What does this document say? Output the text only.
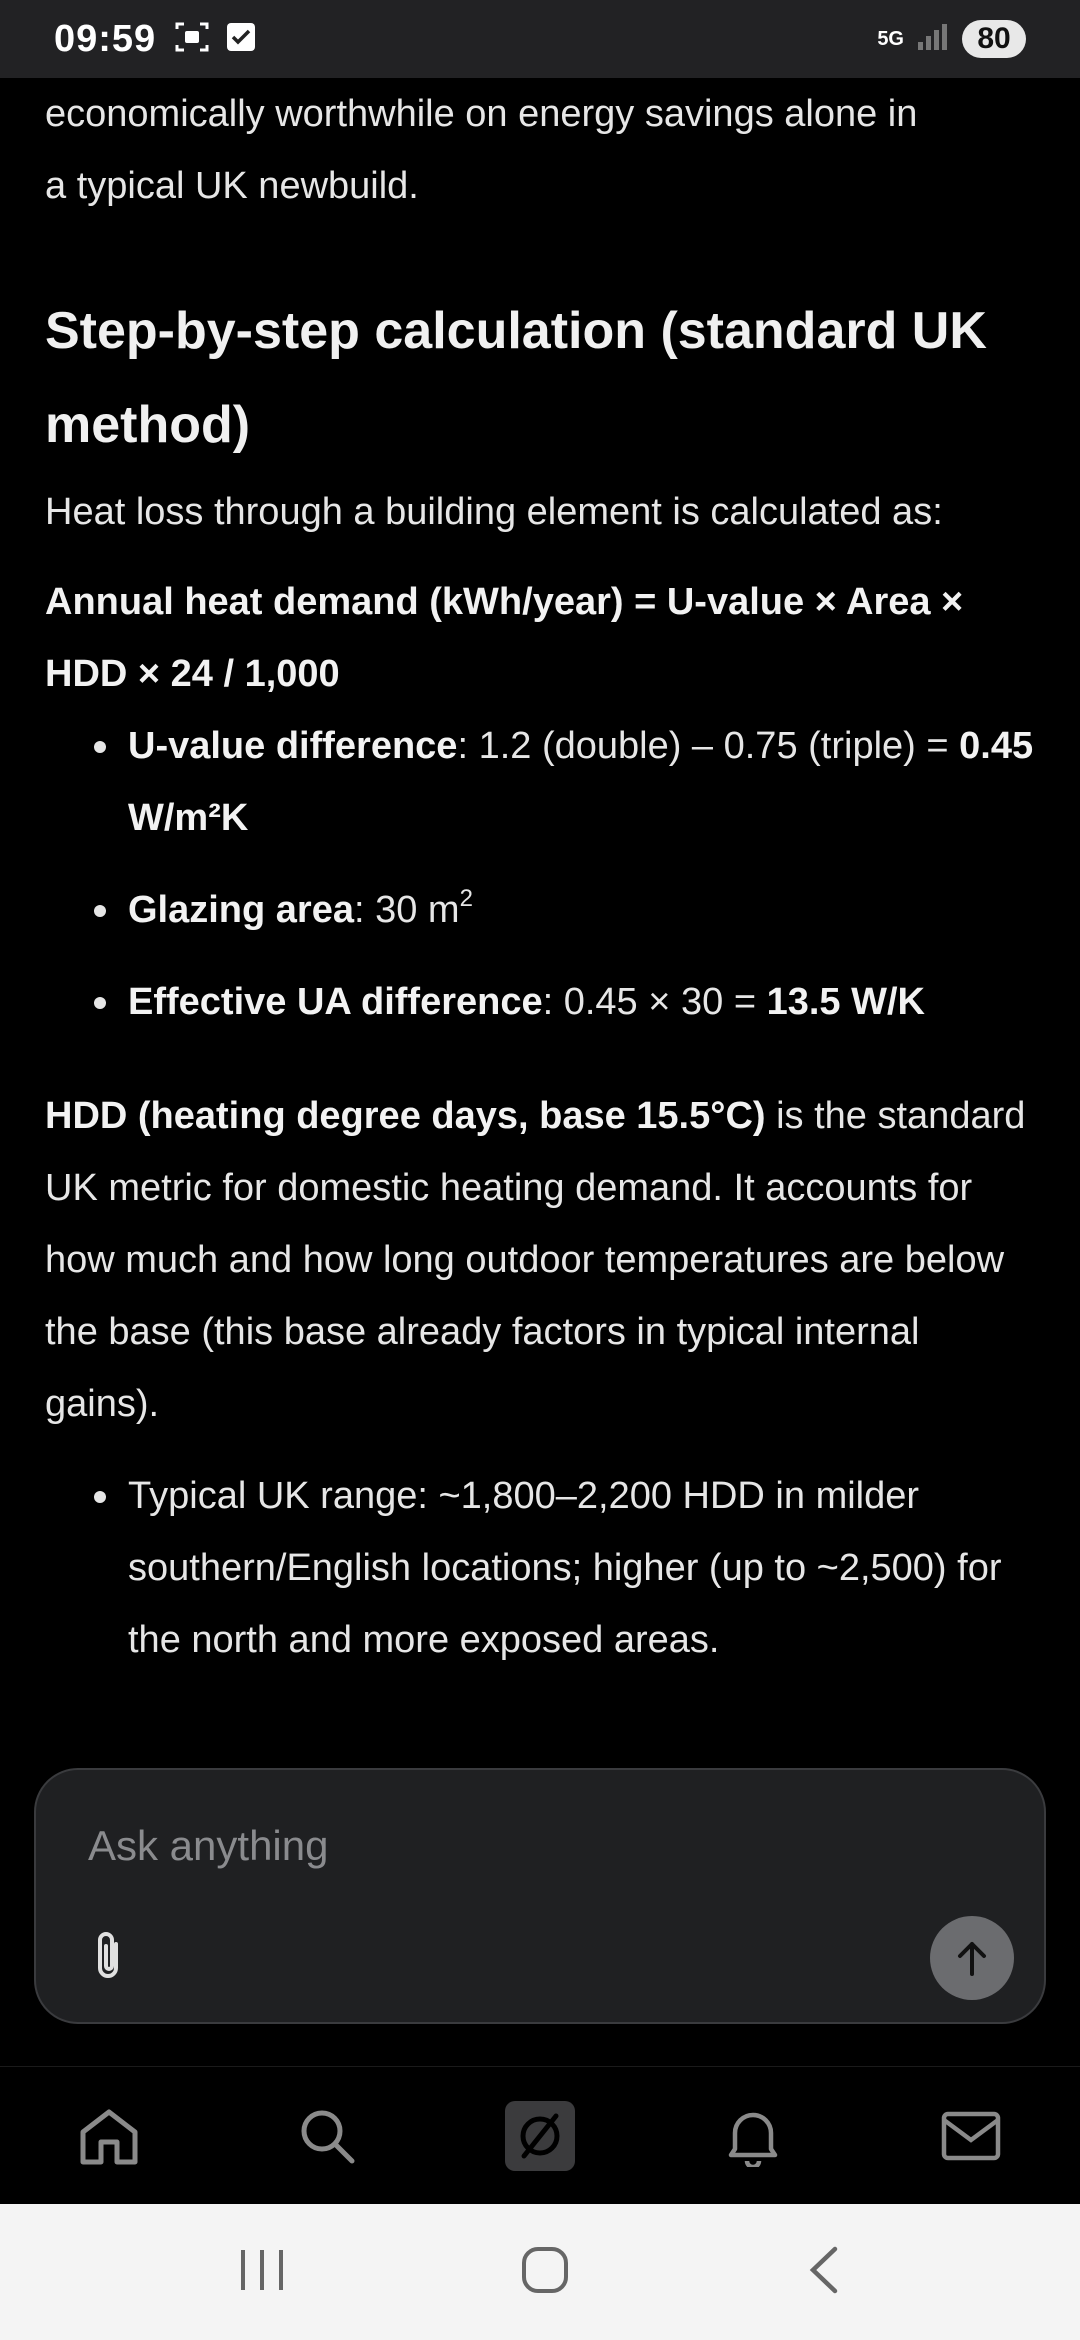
09:59	5G	80

economically worthwhile on energy savings alone in
a typical UK newbuild.

Step-by-step calculation (standard UK method)

Heat loss through a building element is calculated as:

Annual heat demand (kWh/year) = U-value × Area × HDD × 24 / 1,000

U-value difference: 1.2 (double) – 0.75 (triple) = 0.45 W/m²K
Glazing area: 30 $m^2$
Effective UA difference: 0.45 × 30 = 13.5 W/K

HDD (heating degree days, base 15.5°C) is the standard UK metric for domestic heating demand. It accounts for how much and how long outdoor temperatures are below the base (this base already factors in typical internal gains).

Typical UK range: ~1,800–2,200 HDD in milder southern/English locations; higher (up to ~2,500) for the north and more exposed areas.
Ask anything
